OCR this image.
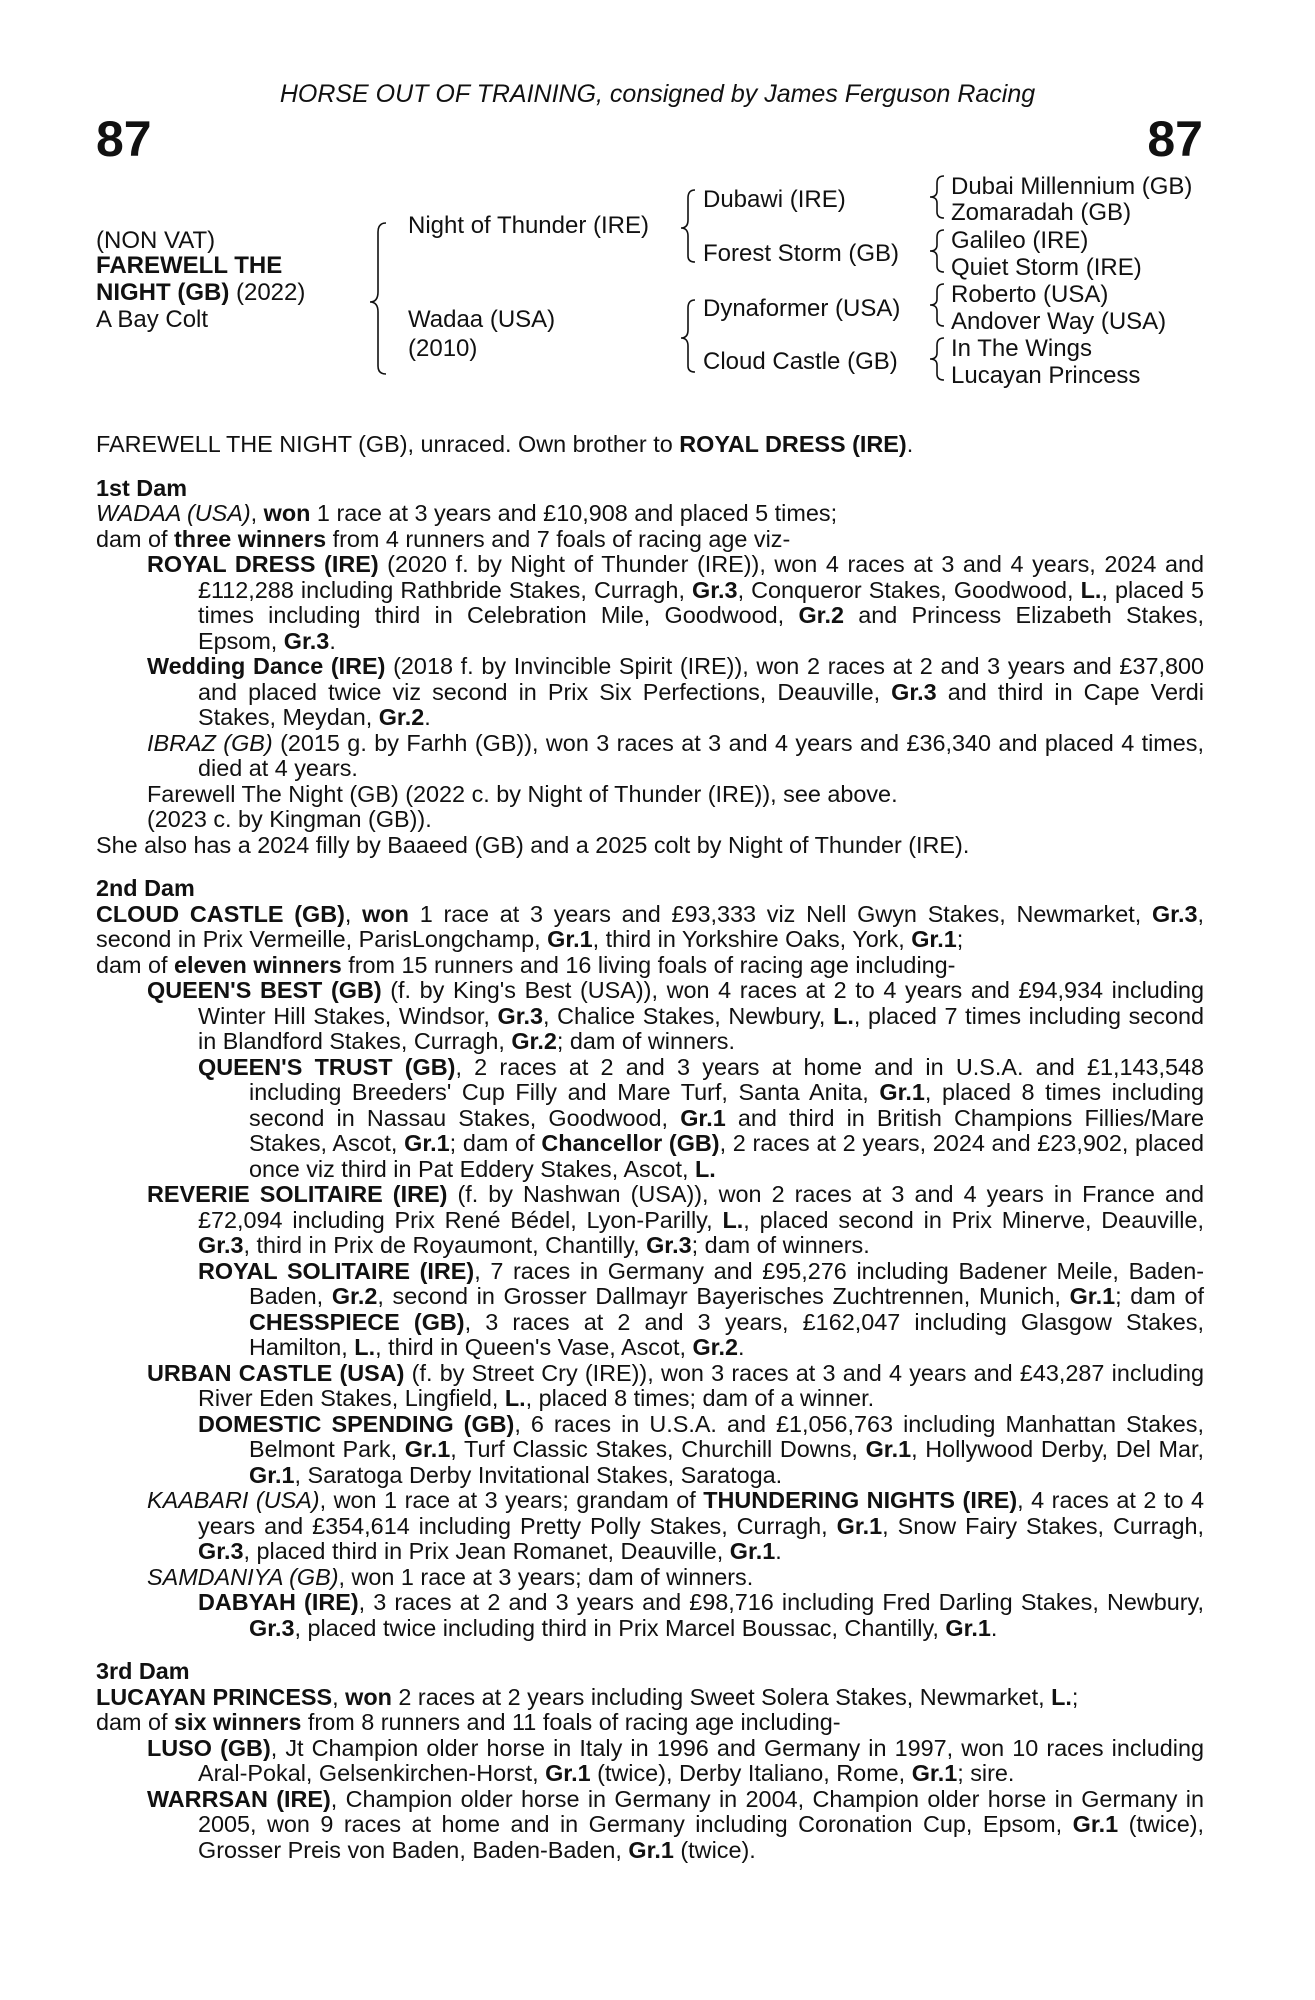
HORSE OUT OF TRAINING, consigned by James Ferguson Racing
87	87
(NON VAT)
FAREWELL THE
NIGHT (GB) (2022)
A Bay Colt
Night of Thunder (IRE)
Wadaa (USA)
(2010)
Dubawi (IRE)
Forest Storm (GB)
Dynaformer (USA)
Cloud Castle (GB)
Dubai Millennium (GB)
Zomaradah (GB)
Galileo (IRE)
Quiet Storm (IRE)
Roberto (USA)
Andover Way (USA)
In The Wings
Lucayan Princess

FAREWELL THE NIGHT (GB), unraced. Own brother to ROYAL DRESS (IRE).

1st Dam

WADAA (USA), won 1 race at 3 years and £10,908 and placed 5 times;

dam of three winners from 4 runners and 7 foals of racing age viz-

ROYAL DRESS (IRE) (2020 f. by Night of Thunder (IRE)), won 4 races at 3 and 4 years, 2024 and £112,288 including Rathbride Stakes, Curragh, Gr.3, Conqueror Stakes, Goodwood, L., placed 5 times including third in Celebration Mile, Goodwood, Gr.2 and Princess Elizabeth Stakes, Epsom, Gr.3.

Wedding Dance (IRE) (2018 f. by Invincible Spirit (IRE)), won 2 races at 2 and 3 years and £37,800 and placed twice viz second in Prix Six Perfections, Deauville, Gr.3 and third in Cape Verdi Stakes, Meydan, Gr.2.

IBRAZ (GB) (2015 g. by Farhh (GB)), won 3 races at 3 and 4 years and £36,340 and placed 4 times, died at 4 years.

Farewell The Night (GB) (2022 c. by Night of Thunder (IRE)), see above.

(2023 c. by Kingman (GB)).

She also has a 2024 filly by Baaeed (GB) and a 2025 colt by Night of Thunder (IRE).

2nd Dam

CLOUD CASTLE (GB), won 1 race at 3 years and £93,333 viz Nell Gwyn Stakes, Newmarket, Gr.3, second in Prix Vermeille, ParisLongchamp, Gr.1, third in Yorkshire Oaks, York, Gr.1;

dam of eleven winners from 15 runners and 16 living foals of racing age including-

QUEEN'S BEST (GB) (f. by King's Best (USA)), won 4 races at 2 to 4 years and £94,934 including Winter Hill Stakes, Windsor, Gr.3, Chalice Stakes, Newbury, L., placed 7 times including second in Blandford Stakes, Curragh, Gr.2; dam of winners.

QUEEN'S TRUST (GB), 2 races at 2 and 3 years at home and in U.S.A. and £1,143,548 including Breeders' Cup Filly and Mare Turf, Santa Anita, Gr.1, placed 8 times including second in Nassau Stakes, Goodwood, Gr.1 and third in British Champions Fillies/Mare Stakes, Ascot, Gr.1; dam of Chancellor (GB), 2 races at 2 years, 2024 and £23,902, placed once viz third in Pat Eddery Stakes, Ascot, L.

REVERIE SOLITAIRE (IRE) (f. by Nashwan (USA)), won 2 races at 3 and 4 years in France and £72,094 including Prix René Bédel, Lyon-Parilly, L., placed second in Prix Minerve, Deauville, Gr.3, third in Prix de Royaumont, Chantilly, Gr.3; dam of winners.

ROYAL SOLITAIRE (IRE), 7 races in Germany and £95,276 including Badener Meile, Baden-Baden, Gr.2, second in Grosser Dallmayr Bayerisches Zuchtrennen, Munich, Gr.1; dam of CHESSPIECE (GB), 3 races at 2 and 3 years, £162,047 including Glasgow Stakes, Hamilton, L., third in Queen's Vase, Ascot, Gr.2.

URBAN CASTLE (USA) (f. by Street Cry (IRE)), won 3 races at 3 and 4 years and £43,287 including River Eden Stakes, Lingfield, L., placed 8 times; dam of a winner.

DOMESTIC SPENDING (GB), 6 races in U.S.A. and £1,056,763 including Manhattan Stakes, Belmont Park, Gr.1, Turf Classic Stakes, Churchill Downs, Gr.1, Hollywood Derby, Del Mar, Gr.1, Saratoga Derby Invitational Stakes, Saratoga.

KAABARI (USA), won 1 race at 3 years; grandam of THUNDERING NIGHTS (IRE), 4 races at 2 to 4 years and £354,614 including Pretty Polly Stakes, Curragh, Gr.1, Snow Fairy Stakes, Curragh, Gr.3, placed third in Prix Jean Romanet, Deauville, Gr.1.

SAMDANIYA (GB), won 1 race at 3 years; dam of winners.

DABYAH (IRE), 3 races at 2 and 3 years and £98,716 including Fred Darling Stakes, Newbury, Gr.3, placed twice including third in Prix Marcel Boussac, Chantilly, Gr.1.

3rd Dam

LUCAYAN PRINCESS, won 2 races at 2 years including Sweet Solera Stakes, Newmarket, L.;

dam of six winners from 8 runners and 11 foals of racing age including-

LUSO (GB), Jt Champion older horse in Italy in 1996 and Germany in 1997, won 10 races including Aral-Pokal, Gelsenkirchen-Horst, Gr.1 (twice), Derby Italiano, Rome, Gr.1; sire.

WARRSAN (IRE), Champion older horse in Germany in 2004, Champion older horse in Germany in 2005, won 9 races at home and in Germany including Coronation Cup, Epsom, Gr.1 (twice), Grosser Preis von Baden, Baden-Baden, Gr.1 (twice).
